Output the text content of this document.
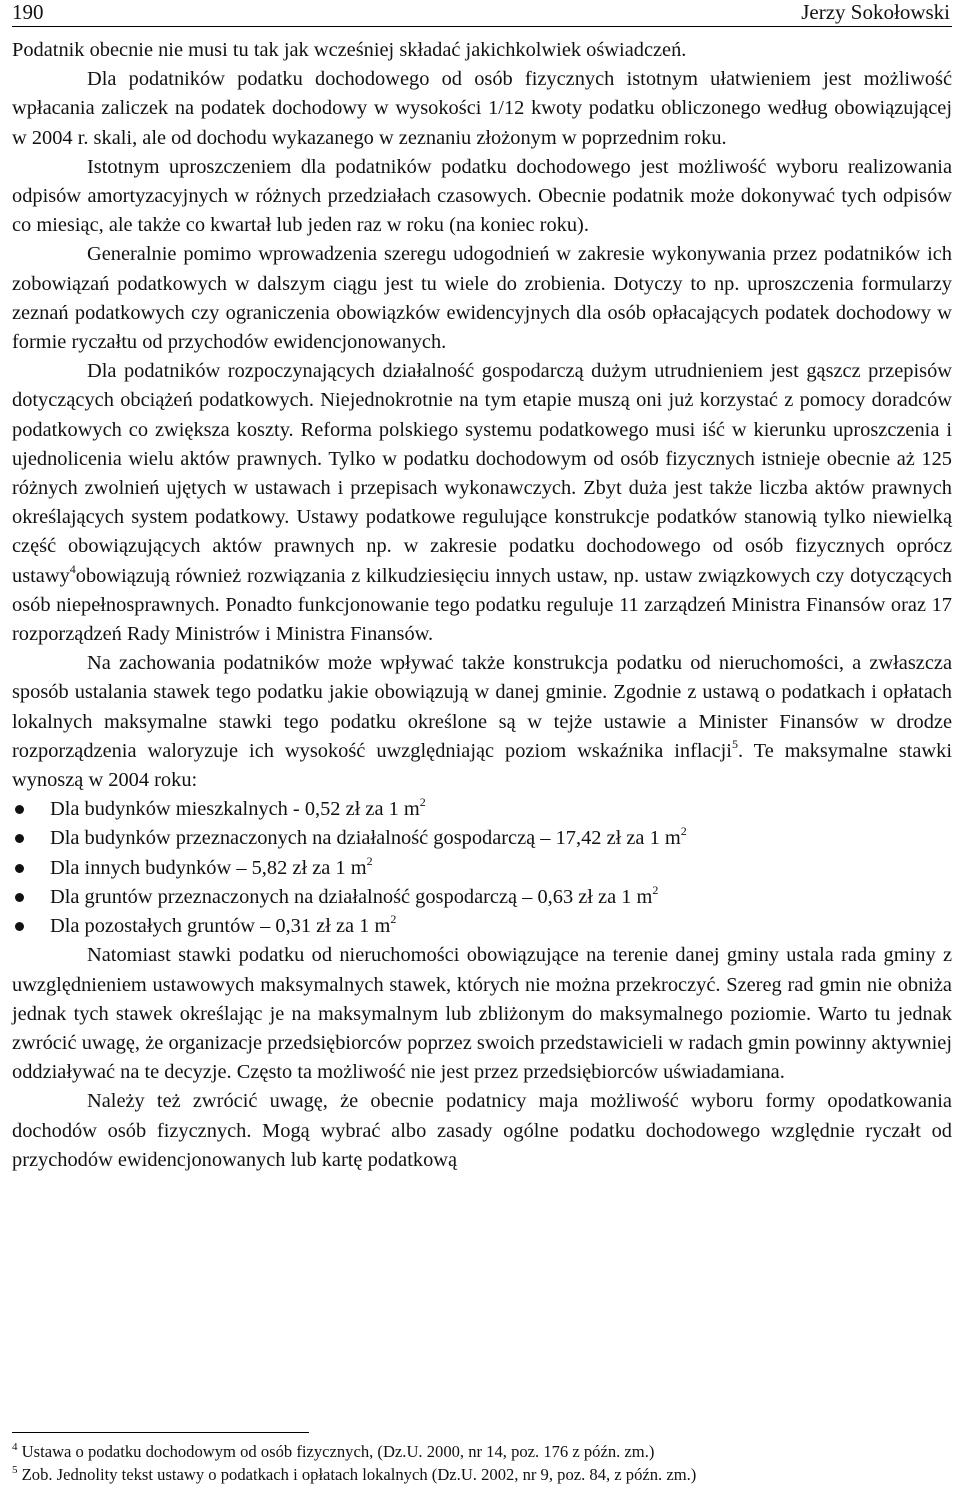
190	Jerzy Sokołowski

Podatnik obecnie nie musi tu tak jak wcześniej składać jakichkolwiek oświadczeń.

Dla podatników podatku dochodowego od osób fizycznych istotnym ułatwieniem jest możliwość wpłacania zaliczek na podatek dochodowy w wysokości 1/12 kwoty podatku obliczonego według obowiązującej w 2004 r. skali, ale od dochodu wykazanego w zeznaniu złożonym w poprzednim roku.

Istotnym uproszczeniem dla podatników podatku dochodowego jest możliwość wyboru realizowania odpisów amortyzacyjnych w różnych przedziałach czasowych. Obecnie podatnik może dokonywać tych odpisów co miesiąc, ale także co kwartał lub jeden raz w roku (na koniec roku).

Generalnie pomimo wprowadzenia szeregu udogodnień w zakresie wykonywania przez podatników ich zobowiązań podatkowych w dalszym ciągu jest tu wiele do zrobienia. Dotyczy to np. uproszczenia formularzy zeznań podatkowych czy ograniczenia obowiązków ewidencyjnych dla osób opłacających podatek dochodowy w formie ryczałtu od przychodów ewidencjonowanych.

Dla podatników rozpoczynających działalność gospodarczą dużym utrudnieniem jest gąszcz przepisów dotyczących obciążeń podatkowych. Niejednokrotnie na tym etapie muszą oni już korzystać z pomocy doradców podatkowych co zwiększa koszty. Reforma polskiego systemu podatkowego musi iść w kierunku uproszczenia i ujednolicenia wielu aktów prawnych. Tylko w podatku dochodowym od osób fizycznych istnieje obecnie aż 125 różnych zwolnień ujętych w ustawach i przepisach wykonawczych. Zbyt duża jest także liczba aktów prawnych określających system podatkowy. Ustawy podatkowe regulujące konstrukcje podatków stanowią tylko niewielką część obowiązujących aktów prawnych np. w zakresie podatku dochodowego od osób fizycznych oprócz ustawy$^4$obowiązują również rozwiązania z kilkudziesięciu innych ustaw, np. ustaw związkowych czy dotyczących osób niepełnosprawnych. Ponadto funkcjonowanie tego podatku reguluje 11 zarządzeń Ministra Finansów oraz 17 rozporządzeń Rady Ministrów i Ministra Finansów.

Na zachowania podatników może wpływać także konstrukcja podatku od nieruchomości, a zwłaszcza sposób ustalania stawek tego podatku jakie obowiązują w danej gminie. Zgodnie z ustawą o podatkach i opłatach lokalnych maksymalne stawki tego podatku określone są w tejże ustawie a Minister Finansów w drodze rozporządzenia waloryzuje ich wysokość uwzględniając poziom wskaźnika inflacji$^5$. Te maksymalne stawki wynoszą w 2004 roku:

Dla budynków mieszkalnych - 0,52 zł za 1 $m^2$
Dla budynków przeznaczonych na działalność gospodarczą – 17,42 zł za 1 $m^2$
Dla innych budynków – 5,82 zł za 1 $m^2$
Dla gruntów przeznaczonych na działalność gospodarczą – 0,63 zł za 1 $m^2$
Dla pozostałych gruntów – 0,31 zł za 1 $m^2$

Natomiast stawki podatku od nieruchomości obowiązujące na terenie danej gminy ustala rada gminy z uwzględnieniem ustawowych maksymalnych stawek, których nie można przekroczyć. Szereg rad gmin nie obniża jednak tych stawek określając je na maksymalnym lub zbliżonym do maksymalnego poziomie. Warto tu jednak zwrócić uwagę, że organizacje przedsiębiorców poprzez swoich przedstawicieli w radach gmin powinny aktywniej oddziaływać na te decyzje. Często ta możliwość nie jest przez przedsiębiorców uświadamiana.

Należy też zwrócić uwagę, że obecnie podatnicy maja możliwość wyboru formy opodatkowania dochodów osób fizycznych. Mogą wybrać albo zasady ogólne podatku dochodowego względnie ryczałt od przychodów ewidencjonowanych lub kartę podatkową

$^4$ Ustawa o podatku dochodowym od osób fizycznych, (Dz.U. 2000, nr 14, poz. 176 z późn. zm.)
$^5$ Zob. Jednolity tekst ustawy o podatkach i opłatach lokalnych (Dz.U. 2002, nr 9, poz. 84, z późn. zm.)
